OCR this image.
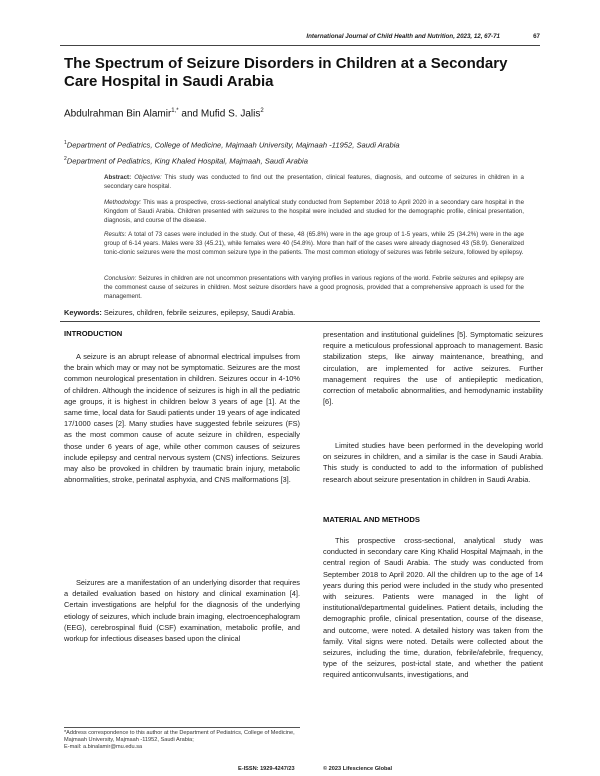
International Journal of Child Health and Nutrition, 2023, 12, 67-71	67
The Spectrum of Seizure Disorders in Children at a Secondary Care Hospital in Saudi Arabia
Abdulrahman Bin Alamir$^{1,*}$ and Mufid S. Jalis$^2$
$^1$Department of Pediatrics, College of Medicine, Majmaah University, Majmaah -11952, Saudi Arabia
$^2$Department of Pediatrics, King Khaled Hospital, Majmaah, Saudi Arabia
Abstract: Objective: This study was conducted to find out the presentation, clinical features, diagnosis, and outcome of seizures in children in a secondary care hospital.
Methodology: This was a prospective, cross-sectional analytical study conducted from September 2018 to April 2020 in a secondary care hospital in the Kingdom of Saudi Arabia. Children presented with seizures to the hospital were included and studied for the demographic profile, clinical presentation, diagnosis, and course of the disease.
Results: A total of 73 cases were included in the study. Out of these, 48 (65.8%) were in the age group of 1-5 years, while 25 (34.2%) were in the age group of 6-14 years. Males were 33 (45.21), while females were 40 (54.8%). More than half of the cases were already diagnosed 43 (58.9). Generalized tonic-clonic seizures were the most common seizure type in the patients. The most common etiology of seizures was febrile seizure, followed by epilepsy.
Conclusion: Seizures in children are not uncommon presentations with varying profiles in various regions of the world. Febrile seizures and epilepsy are the commonest cause of seizures in children. Most seizure disorders have a good prognosis, provided that a comprehensive approach is used for the management.
Keywords: Seizures, children, febrile seizures, epilepsy, Saudi Arabia.
INTRODUCTION

A seizure is an abrupt release of abnormal electrical impulses from the brain which may or may not be symptomatic. Seizures are the most common neurological presentation in children. Seizures occur in 4-10% of children. Although the incidence of seizures is high in all the pediatric age groups, it is highest in children below 3 years of age [1]. At the same time, local data for Saudi patients under 19 years of age indicated 17/1000 cases [2]. Many studies have suggested febrile seizures (FS) as the most common cause of acute seizure in children, especially those under 6 years of age, while other common causes of seizures include epilepsy and central nervous system (CNS) infections. Seizures may also be provoked in children by traumatic brain injury, metabolic abnormalities, stroke, perinatal asphyxia, and CNS malformations [3].

Seizures are a manifestation of an underlying disorder that requires a detailed evaluation based on history and clinical examination [4]. Certain investigations are helpful for the diagnosis of the underlying etiology of seizures, which include brain imaging, electroencephalogram (EEG), cerebrospinal fluid (CSF) examination, metabolic profile, and workup for infectious diseases based upon the clinical

*Address correspondence to this author at the Department of Pediatrics, College of Medicine, Majmaah University, Majmaah -11952, Saudi Arabia;
E-mail: a.binalamir@mu.edu.sa

presentation and institutional guidelines [5]. Symptomatic seizures require a meticulous professional approach to management. Basic stabilization steps, like airway maintenance, breathing, and circulation, are implemented for active seizures. Further management requires the use of antiepileptic medication, correction of metabolic abnormalities, and hemodynamic instability [6].

Limited studies have been performed in the developing world on seizures in children, and a similar is the case in Saudi Arabia. This study is conducted to add to the information of published research about seizure presentation in children in Saudi Arabia.

MATERIAL AND METHODS

This prospective cross-sectional, analytical study was conducted in secondary care King Khalid Hospital Majmaah, in the central region of Saudi Arabia. The study was conducted from September 2018 to April 2020. All the children up to the age of 14 years during this period were included in the study who presented with seizures. Patients were managed in the light of institutional/departmental guidelines. Patient details, including the demographic profile, clinical presentation, course of the disease, and outcome, were noted. A detailed history was taken from the family. Vital signs were noted. Details were collected about the seizures, including the time, duration, febrile/afebrile, frequency, type of the seizures, post-ictal state, and whether the patient required anticonvulsants, investigations, and

E-ISSN: 1929-4247/23	© 2023 Lifescience Global
